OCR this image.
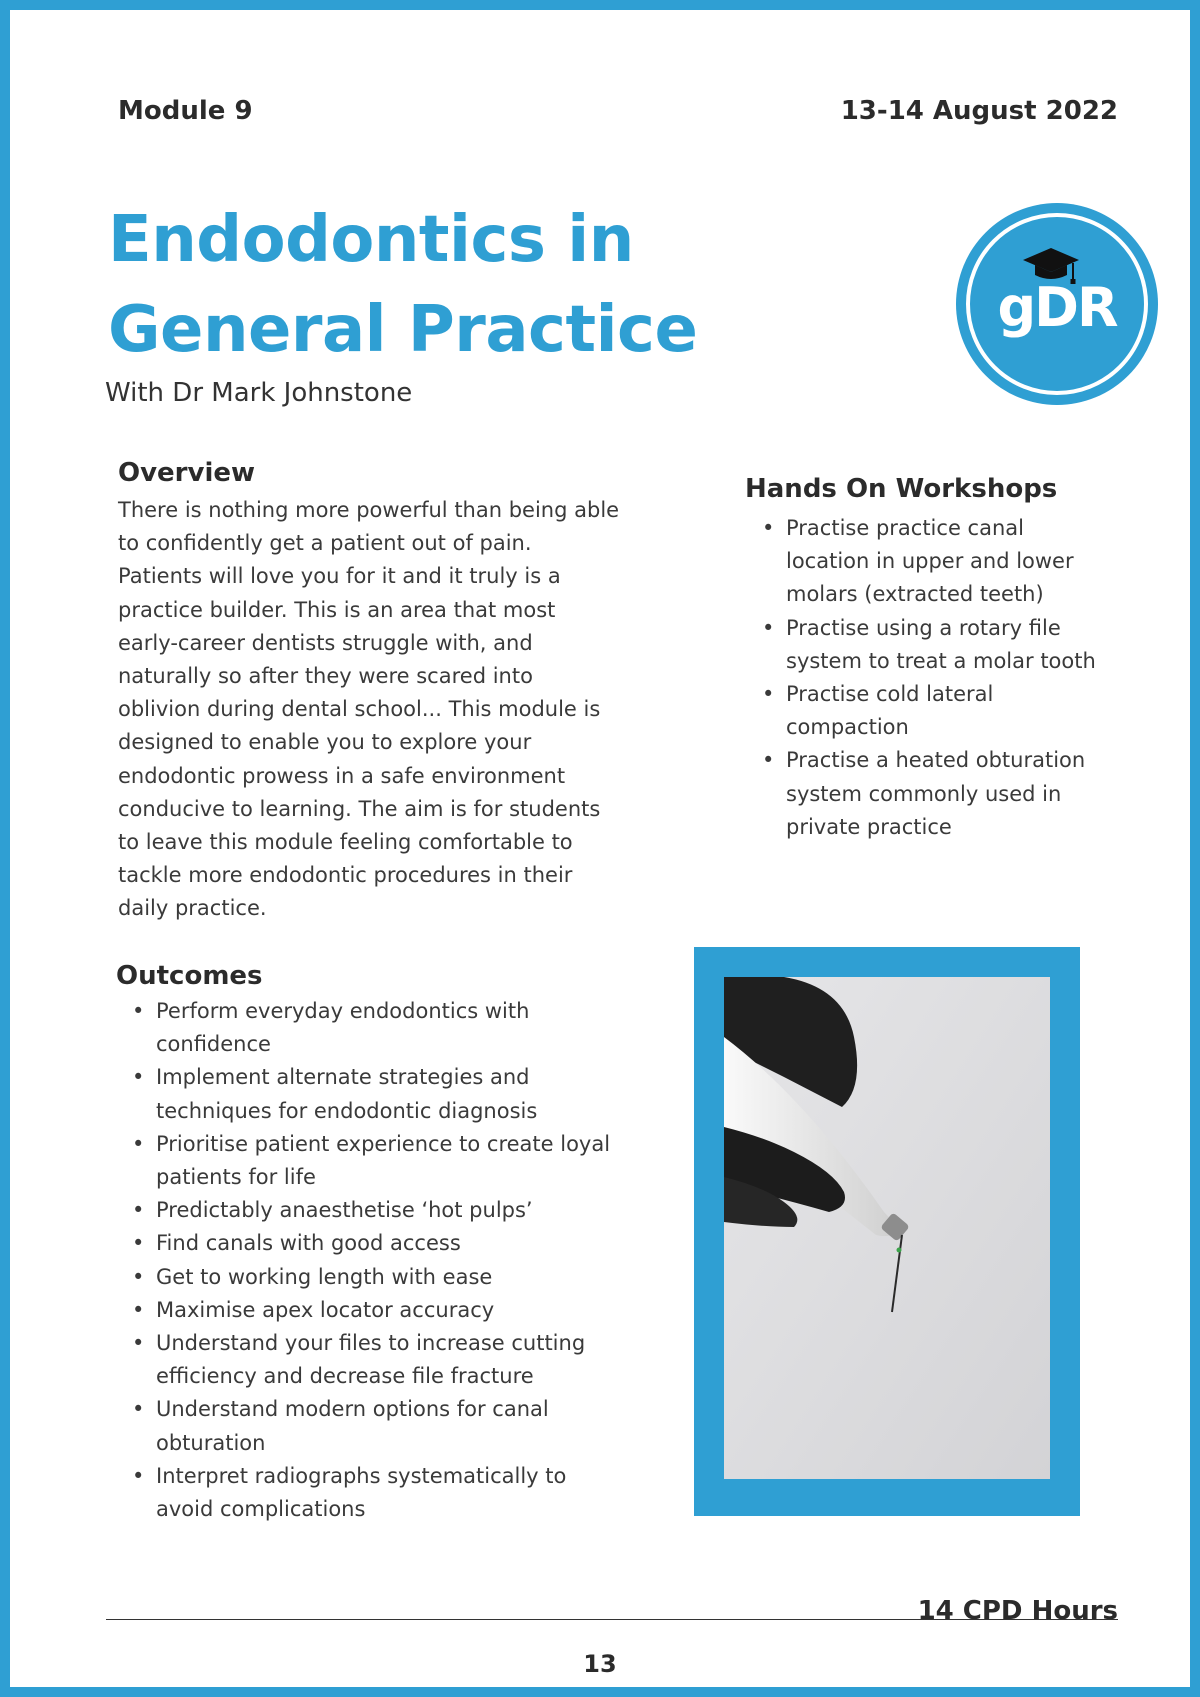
Module 9	13-14 August 2022
Endodontics in
General Practice
With Dr Mark Johnstone
gDR
Overview
There is nothing more powerful than being able
to confidently get a patient out of pain.
Patients will love you for it and it truly is a
practice builder. This is an area that most
early-career dentists struggle with, and
naturally so after they were scared into
oblivion during dental school... This module is
designed to enable you to explore your
endodontic prowess in a safe environment
conducive to learning. The aim is for students
to leave this module feeling comfortable to
tackle more endodontic procedures in their
daily practice.
Hands On Workshops
• Practise practice canal
location in upper and lower
molars (extracted teeth)
• Practise using a rotary file
system to treat a molar tooth
• Practise cold lateral
compaction
• Practise a heated obturation
system commonly used in
private practice
Outcomes
• Perform everyday endodontics with
confidence
• Implement alternate strategies and
techniques for endodontic diagnosis
• Prioritise patient experience to create loyal
patients for life
• Predictably anaesthetise ‘hot pulps’
• Find canals with good access
• Get to working length with ease
• Maximise apex locator accuracy
• Understand your files to increase cutting
efficiency and decrease file fracture
• Understand modern options for canal
obturation
• Interpret radiographs systematically to
avoid complications
14 CPD Hours
13
